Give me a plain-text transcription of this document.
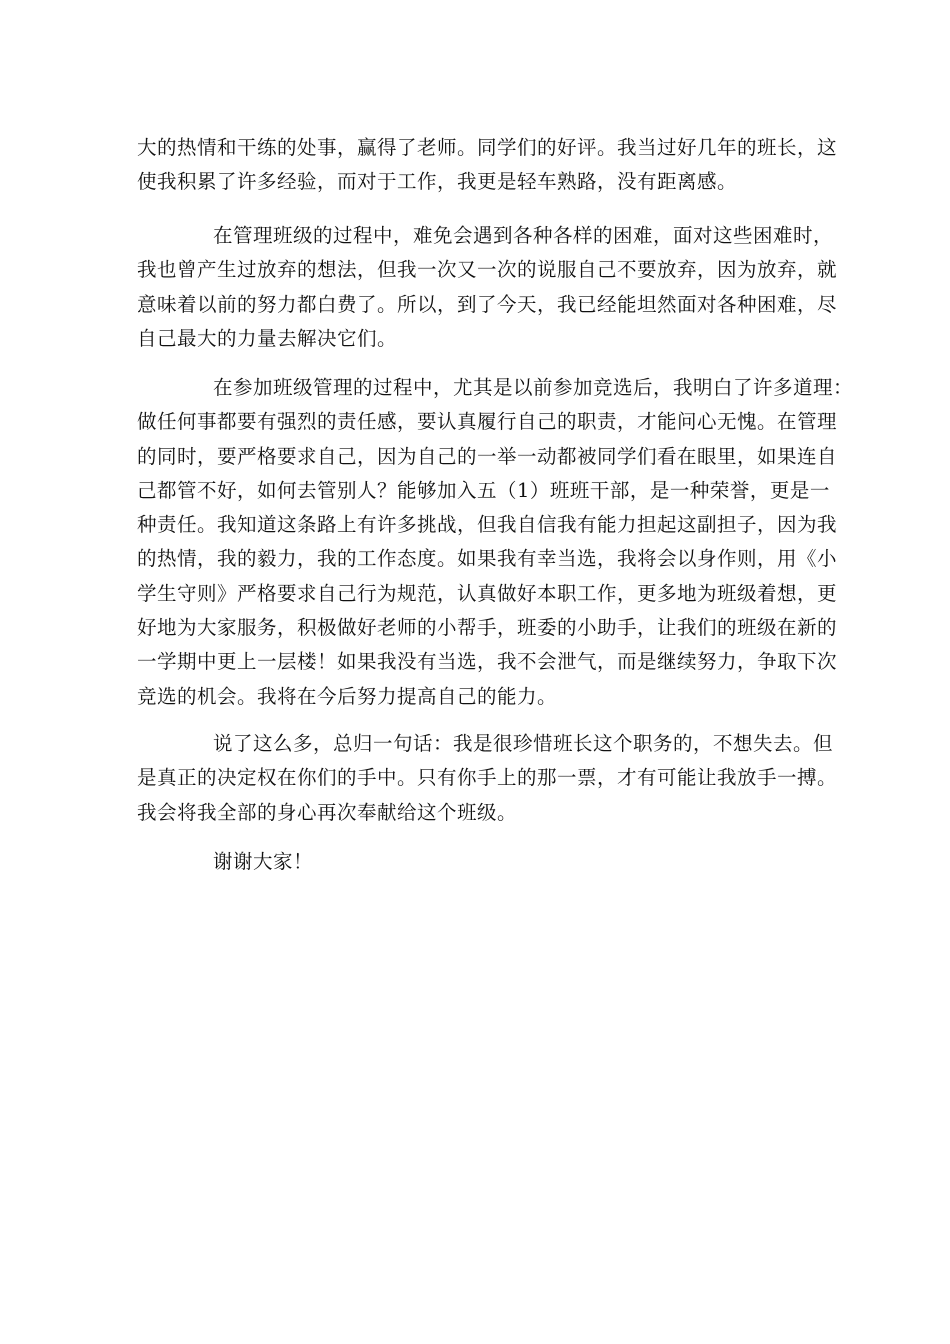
大的热情和干练的处事，赢得了老师。同学们的好评。我当过好几年的班长，这
使我积累了许多经验，而对于工作，我更是轻车熟路，没有距离感。
在管理班级的过程中，难免会遇到各种各样的困难，面对这些困难时，
我也曾产生过放弃的想法，但我一次又一次的说服自己不要放弃，因为放弃，就
意味着以前的努力都白费了。所以，到了今天，我已经能坦然面对各种困难，尽
自己最大的力量去解决它们。
在参加班级管理的过程中，尤其是以前参加竞选后，我明白了许多道理：
做任何事都要有强烈的责任感，要认真履行自己的职责，才能问心无愧。在管理
的同时，要严格要求自己，因为自己的一举一动都被同学们看在眼里，如果连自
己都管不好，如何去管别人？能够加入五（1）班班干部，是一种荣誉，更是一
种责任。我知道这条路上有许多挑战，但我自信我有能力担起这副担子，因为我
的热情，我的毅力，我的工作态度。如果我有幸当选，我将会以身作则，用《小
学生守则》严格要求自己行为规范，认真做好本职工作，更多地为班级着想，更
好地为大家服务，积极做好老师的小帮手，班委的小助手，让我们的班级在新的
一学期中更上一层楼！如果我没有当选，我不会泄气，而是继续努力，争取下次
竞选的机会。我将在今后努力提高自己的能力。
说了这么多，总归一句话：我是很珍惜班长这个职务的，不想失去。但
是真正的决定权在你们的手中。只有你手上的那一票，才有可能让我放手一搏。
我会将我全部的身心再次奉献给这个班级。
谢谢大家！
